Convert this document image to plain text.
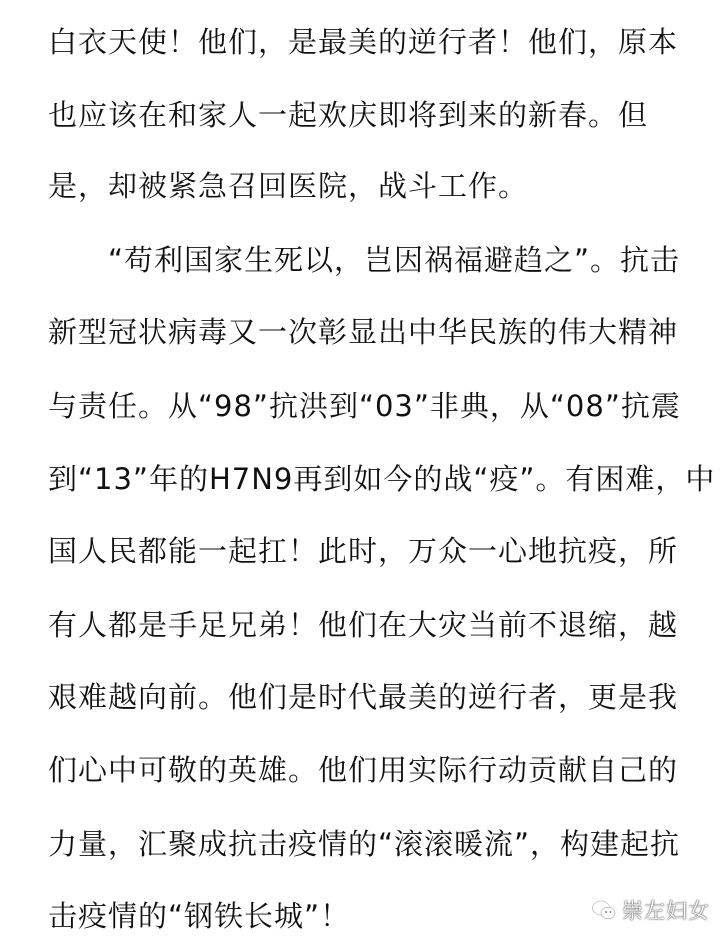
白衣天使！他们，是最美的逆行者！他们，原本
也应该在和家人一起欢庆即将到来的新春。但
是，却被紧急召回医院，战斗工作。
“苟利国家生死以，岂因祸福避趋之”。抗击
新型冠状病毒又一次彰显出中华民族的伟大精神
与责任。从“98”抗洪到“03”非典，从“08”抗震
到“13”年的H7N9再到如今的战“疫”。有困难，中
国人民都能一起扛！此时，万众一心地抗疫，所
有人都是手足兄弟！他们在大灾当前不退缩，越
艰难越向前。他们是时代最美的逆行者，更是我
们心中可敬的英雄。他们用实际行动贡献自己的
力量，汇聚成抗击疫情的“滚滚暖流”，构建起抗
击疫情的“钢铁长城”！	崇左妇女
